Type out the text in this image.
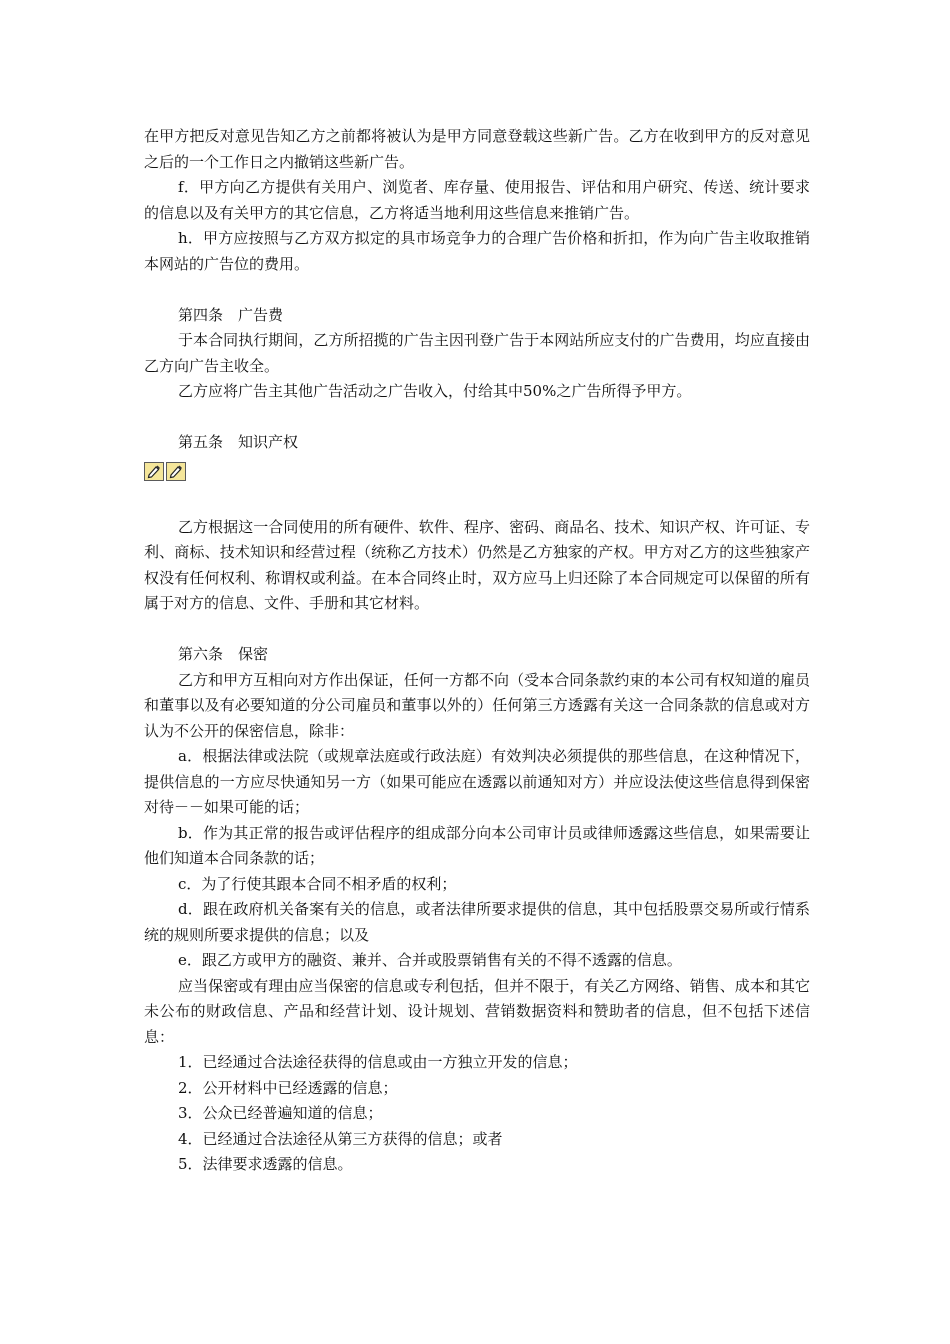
在甲方把反对意见告知乙方之前都将被认为是甲方同意登载这些新广告。乙方在收到甲方的反对意见之后的一个工作日之内撤销这些新广告。

f．甲方向乙方提供有关用户、浏览者、库存量、使用报告、评估和用户研究、传送、统计要求的信息以及有关甲方的其它信息，乙方将适当地利用这些信息来推销广告。

h．甲方应按照与乙方双方拟定的具市场竞争力的合理广告价格和折扣，作为向广告主收取推销本网站的广告位的费用。

第四条　广告费

于本合同执行期间，乙方所招揽的广告主因刊登广告于本网站所应支付的广告费用，均应直接由乙方向广告主收全。

乙方应将广告主其他广告活动之广告收入，付给其中50%之广告所得予甲方。

第五条　知识产权

乙方根据这一合同使用的所有硬件、软件、程序、密码、商品名、技术、知识产权、许可证、专利、商标、技术知识和经营过程（统称乙方技术）仍然是乙方独家的产权。甲方对乙方的这些独家产权没有任何权利、称谓权或利益。在本合同终止时，双方应马上归还除了本合同规定可以保留的所有属于对方的信息、文件、手册和其它材料。

第六条　保密

乙方和甲方互相向对方作出保证，任何一方都不向（受本合同条款约束的本公司有权知道的雇员和董事以及有必要知道的分公司雇员和董事以外的）任何第三方透露有关这一合同条款的信息或对方认为不公开的保密信息，除非：

a．根据法律或法院（或规章法庭或行政法庭）有效判决必须提供的那些信息，在这种情况下，提供信息的一方应尽快通知另一方（如果可能应在透露以前通知对方）并应设法使这些信息得到保密对待－－如果可能的话；

b．作为其正常的报告或评估程序的组成部分向本公司审计员或律师透露这些信息，如果需要让他们知道本合同条款的话；

c．为了行使其跟本合同不相矛盾的权利；

d．跟在政府机关备案有关的信息，或者法律所要求提供的信息，其中包括股票交易所或行情系统的规则所要求提供的信息；以及

e．跟乙方或甲方的融资、兼并、合并或股票销售有关的不得不透露的信息。

应当保密或有理由应当保密的信息或专利包括，但并不限于，有关乙方网络、销售、成本和其它未公布的财政信息、产品和经营计划、设计规划、营销数据资料和赞助者的信息，但不包括下述信息：

1．已经通过合法途径获得的信息或由一方独立开发的信息；

2．公开材料中已经透露的信息；

3．公众已经普遍知道的信息；

4．已经通过合法途径从第三方获得的信息；或者

5．法律要求透露的信息。
